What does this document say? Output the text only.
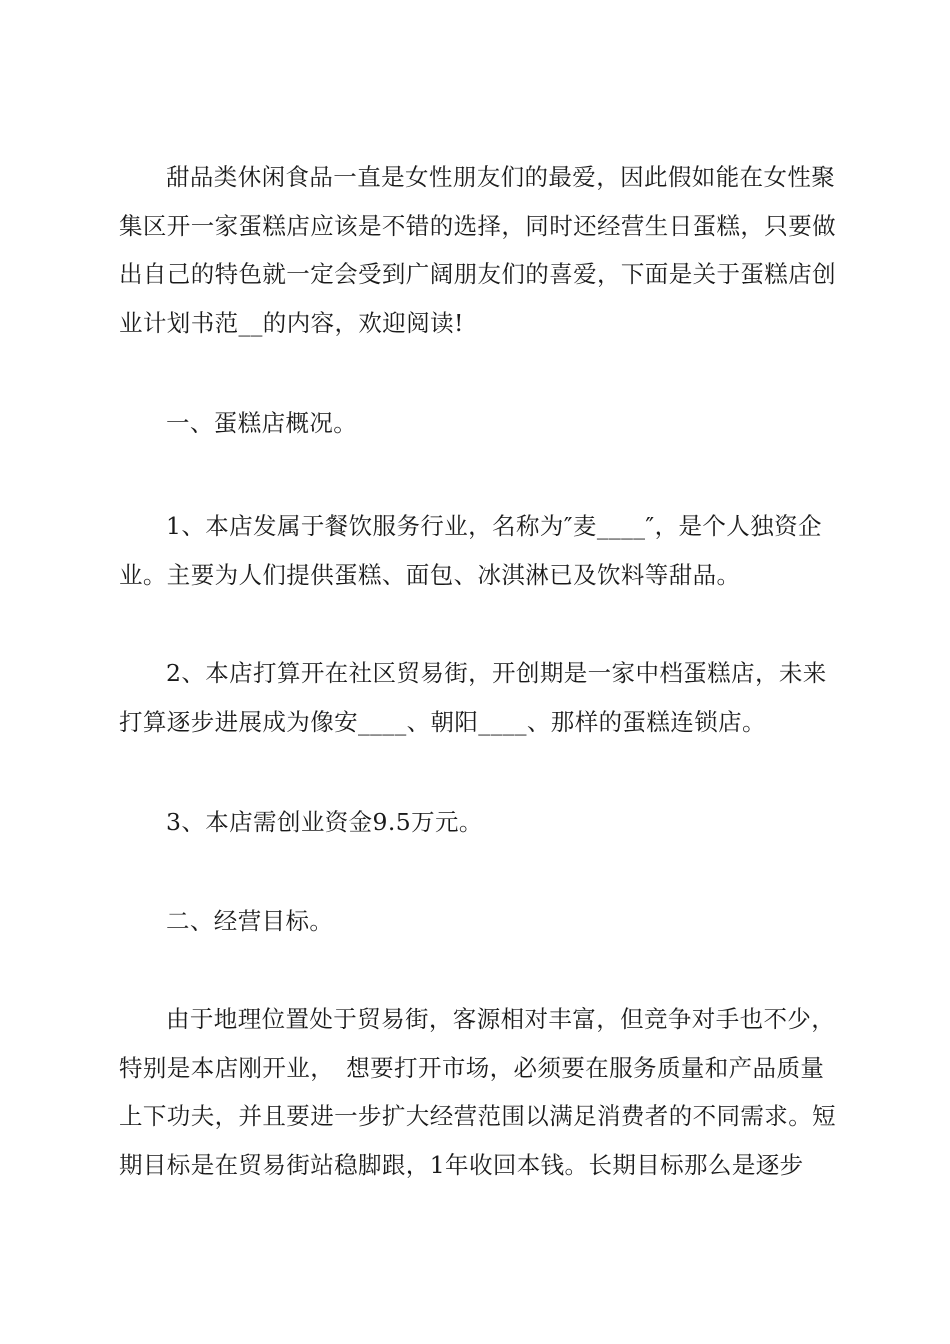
甜品类休闲食品一直是女性朋友们的最爱，因此假如能在女性聚集区开一家蛋糕店应该是不错的选择，同时还经营生日蛋糕，只要做出自己的特色就一定会受到广阔朋友们的喜爱，下面是关于蛋糕店创业计划书范__的内容，欢迎阅读!

一、蛋糕店概况。

1、本店发属于餐饮服务行业，名称为″麦____″，是个人独资企业。主要为人们提供蛋糕、面包、冰淇淋已及饮料等甜品。

2、本店打算开在社区贸易街，开创期是一家中档蛋糕店，未来打算逐步进展成为像安____、朝阳____、那样的蛋糕连锁店。

3、本店需创业资金9.5万元。

二、经营目标。

由于地理位置处于贸易街，客源相对丰富，但竞争对手也不少，特别是本店刚开业，　想要打开市场，必须要在服务质量和产品质量上下功夫，并且要进一步扩大经营范围以满足消费者的不同需求。短期目标是在贸易街站稳脚跟，1年收回本钱。长期目标那么是逐步
